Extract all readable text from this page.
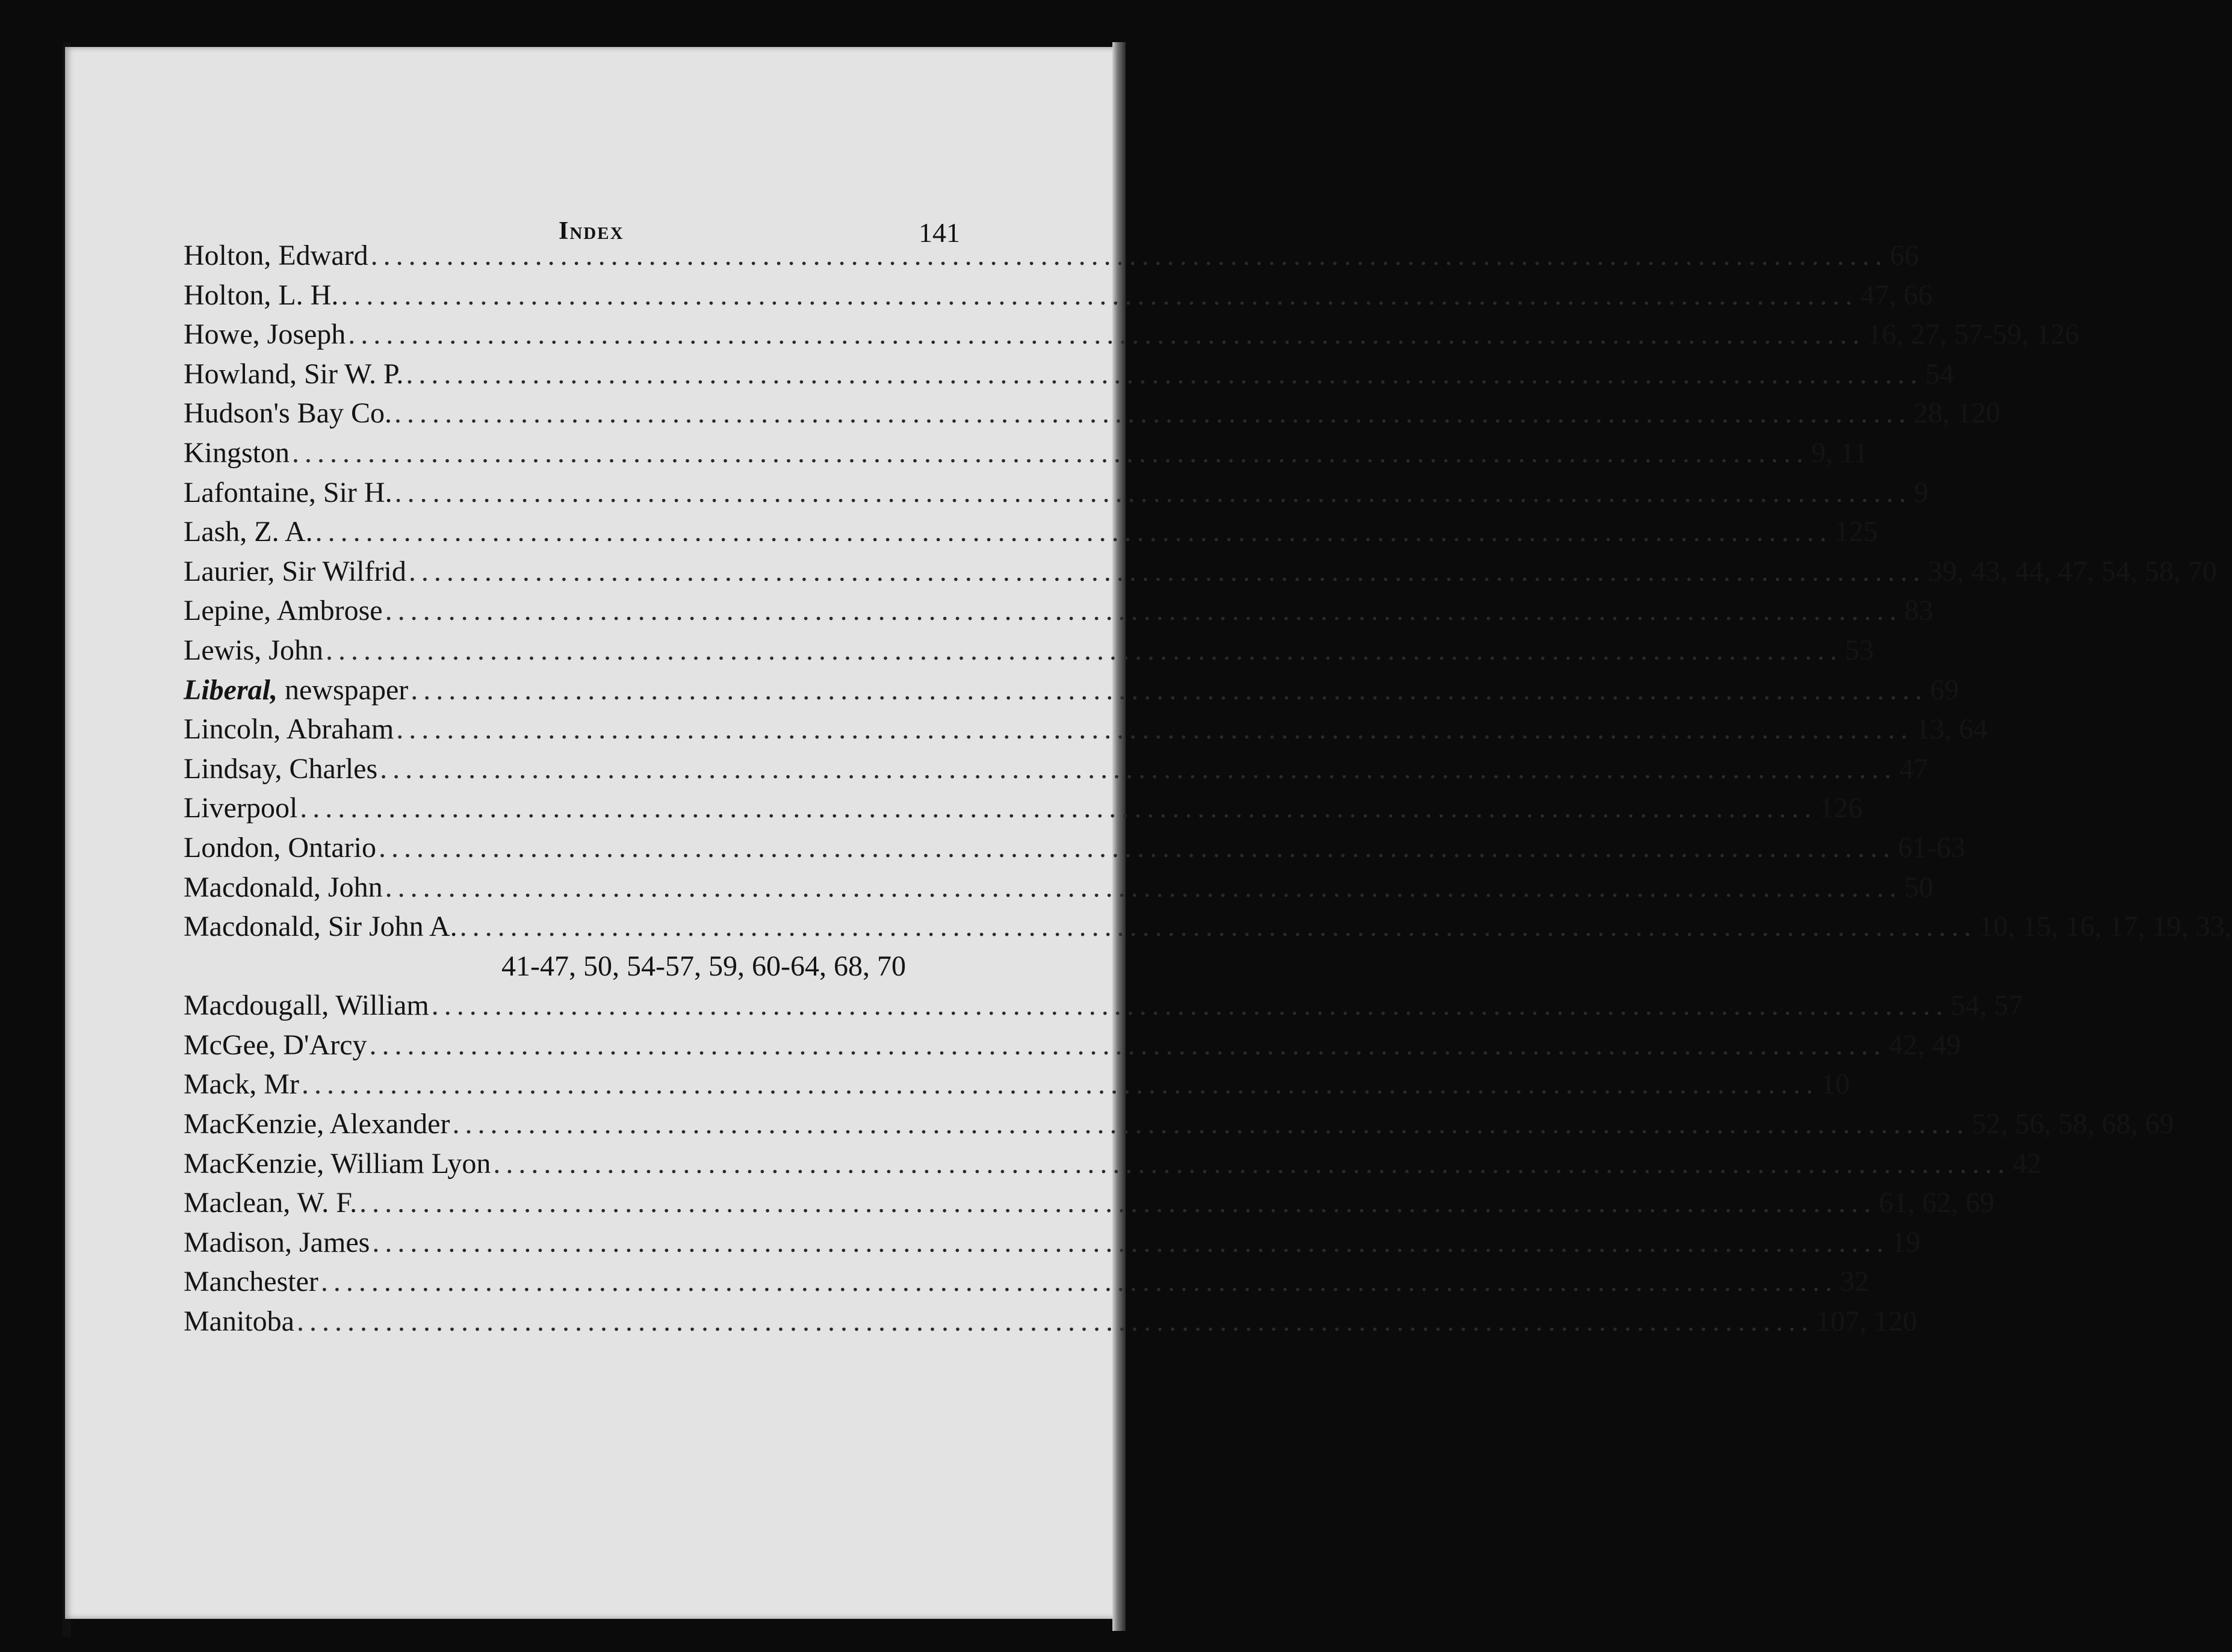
Index	141
Holton, Edward ........................................................................................................................ 66
Holton, L. H. ........................................................................................................................ 47, 66
Howe, Joseph ........................................................................................................................ 16, 27, 57-59, 126
Howland, Sir W. P. ........................................................................................................................ 54
Hudson's Bay Co. ........................................................................................................................ 28, 120
Kingston ........................................................................................................................ 9, 11
Lafontaine, Sir H. ........................................................................................................................ 9
Lash, Z. A. ........................................................................................................................ 125
Laurier, Sir Wilfrid ........................................................................................................................ 39, 43, 44, 47, 54, 58, 70
Lepine, Ambrose ........................................................................................................................ 83
Lewis, John ........................................................................................................................ 53
Liberal, newspaper ........................................................................................................................ 69
Lincoln, Abraham ........................................................................................................................ 13, 64
Lindsay, Charles ........................................................................................................................ 47
Liverpool ........................................................................................................................ 126
London, Ontario ........................................................................................................................ 61-63
Macdonald, John ........................................................................................................................ 50
Macdonald, Sir John A. ........................................................................................................................ 10, 15, 16, 17, 19, 33,
41-47, 50, 54-57, 59, 60-64, 68, 70
Macdougall, William ........................................................................................................................ 54, 57
McGee, D'Arcy ........................................................................................................................ 42, 49
Mack, Mr ........................................................................................................................ 10
MacKenzie, Alexander ........................................................................................................................ 52, 56, 58, 68, 69
MacKenzie, William Lyon ........................................................................................................................ 42
Maclean, W. F. ........................................................................................................................ 61, 62, 69
Madison, James ........................................................................................................................ 19
Manchester ........................................................................................................................ 32
Manitoba ........................................................................................................................ 107, 120
